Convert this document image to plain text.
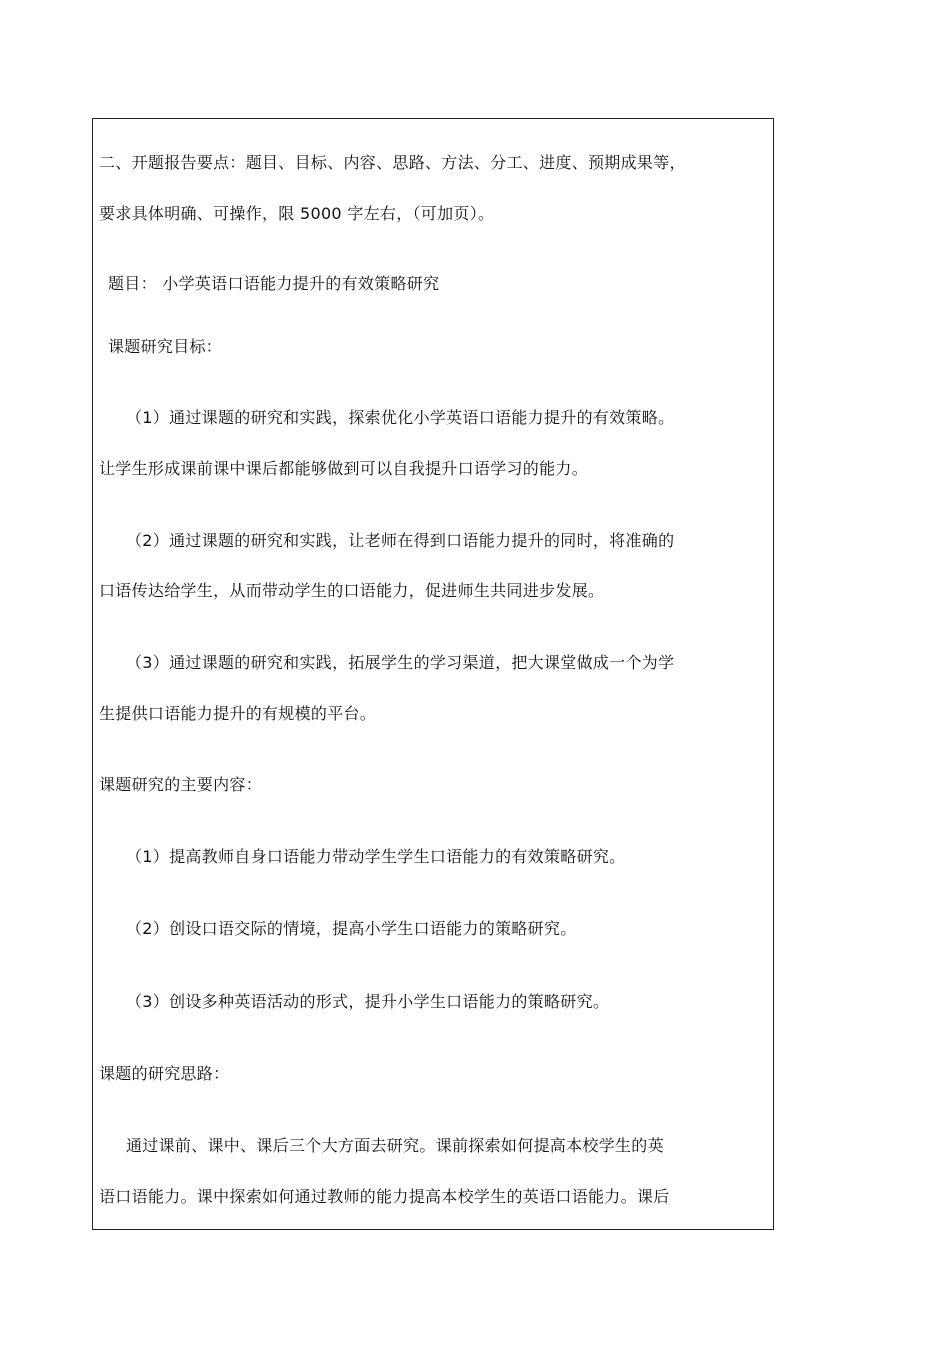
二、开题报告要点：题目、目标、内容、思路、方法、分工、进度、预期成果等，
要求具体明确、可操作，限 5000 字左右，（可加页）。
题目： 小学英语口语能力提升的有效策略研究
课题研究目标：
（1）通过课题的研究和实践，探索优化小学英语口语能力提升的有效策略。
让学生形成课前课中课后都能够做到可以自我提升口语学习的能力。
（2）通过课题的研究和实践，让老师在得到口语能力提升的同时，将准确的
口语传达给学生，从而带动学生的口语能力，促进师生共同进步发展。
（3）通过课题的研究和实践，拓展学生的学习渠道，把大课堂做成一个为学
生提供口语能力提升的有规模的平台。
课题研究的主要内容：
（1）提高教师自身口语能力带动学生学生口语能力的有效策略研究。
（2）创设口语交际的情境，提高小学生口语能力的策略研究。
（3）创设多种英语活动的形式，提升小学生口语能力的策略研究。
课题的研究思路：
通过课前、课中、课后三个大方面去研究。课前探索如何提高本校学生的英
语口语能力。课中探索如何通过教师的能力提高本校学生的英语口语能力。课后
